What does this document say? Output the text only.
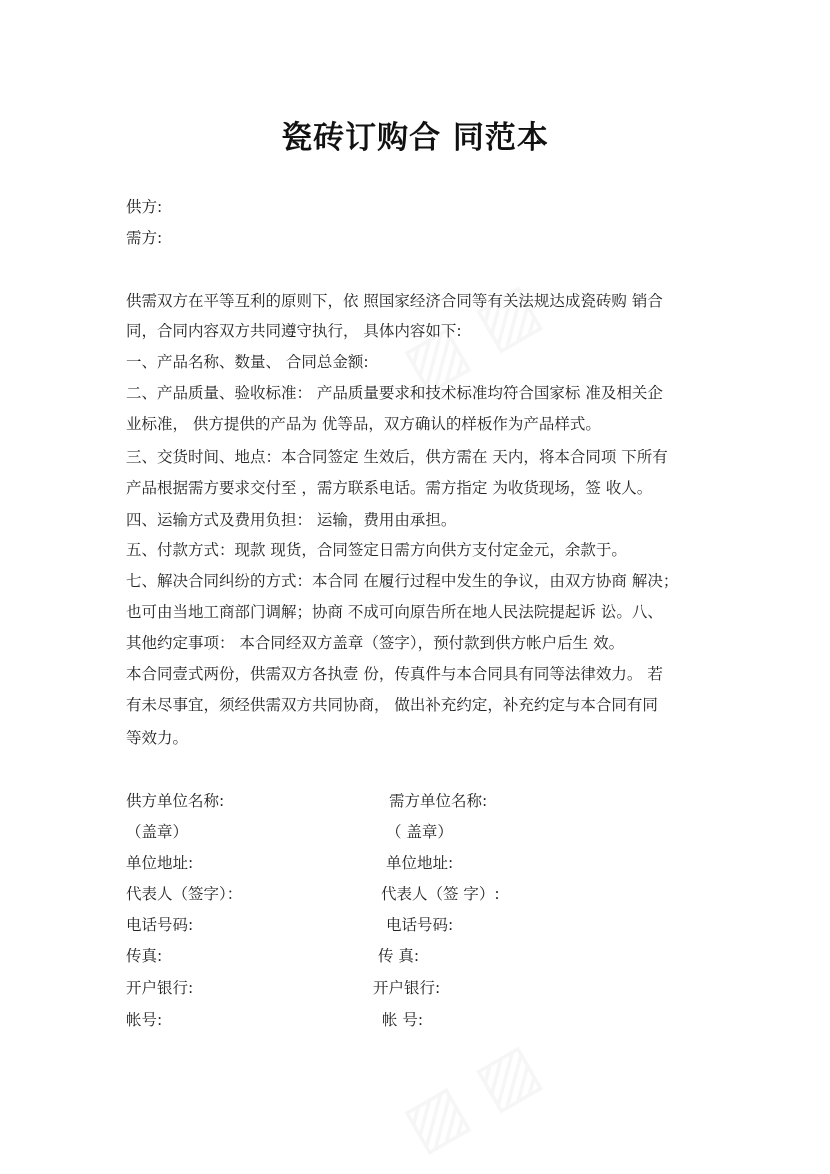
▨ ▨
▨ ▨
瓷砖订购合 同范本
供方:
需方:
供需双方在平等互利的原则下，依 照国家经济合同等有关法规达成瓷砖购 销合
同，合同内容双方共同遵守执行， 具体内容如下:
一、产品名称、数量、 合同总金额:
二、产品质量、验收标准： 产品质量要求和技术标准均符合国家标 准及相关企
业标准， 供方提供的产品为 优等品，双方确认的样板作为产品样式。
三、交货时间、地点：本合同签定 生效后，供方需在 天内，将本合同项 下所有
产品根据需方要求交付至 ，需方联系电话。需方指定 为收货现场，签 收人。
四、运输方式及费用负担： 运输，费用由承担。
五、付款方式：现款 现货，合同签定日需方向供方支付定金元，余款于。
七、解决合同纠纷的方式：本合同 在履行过程中发生的争议，由双方协商 解决；
也可由当地工商部门调解；协商 不成可向原告所在地人民法院提起诉 讼。八、
其他约定事项： 本合同经双方盖章（签字），预付款到供方帐户后生 效。
本合同壹式两份，供需双方各执壹 份，传真件与本合同具有同等法律效力。 若
有未尽事宜，须经供需双方共同协商， 做出补充约定，补充约定与本合同有同
等效力。
供方单位名称:
（盖章）
单位地址:
代表人（签字）：
电话号码:
传真:
开户银行:
帐号:
需方单位名称:
（ 盖章）
单位地址:
代表人（签 字）:
电话号码:
传 真:
开户银行:
帐 号:
